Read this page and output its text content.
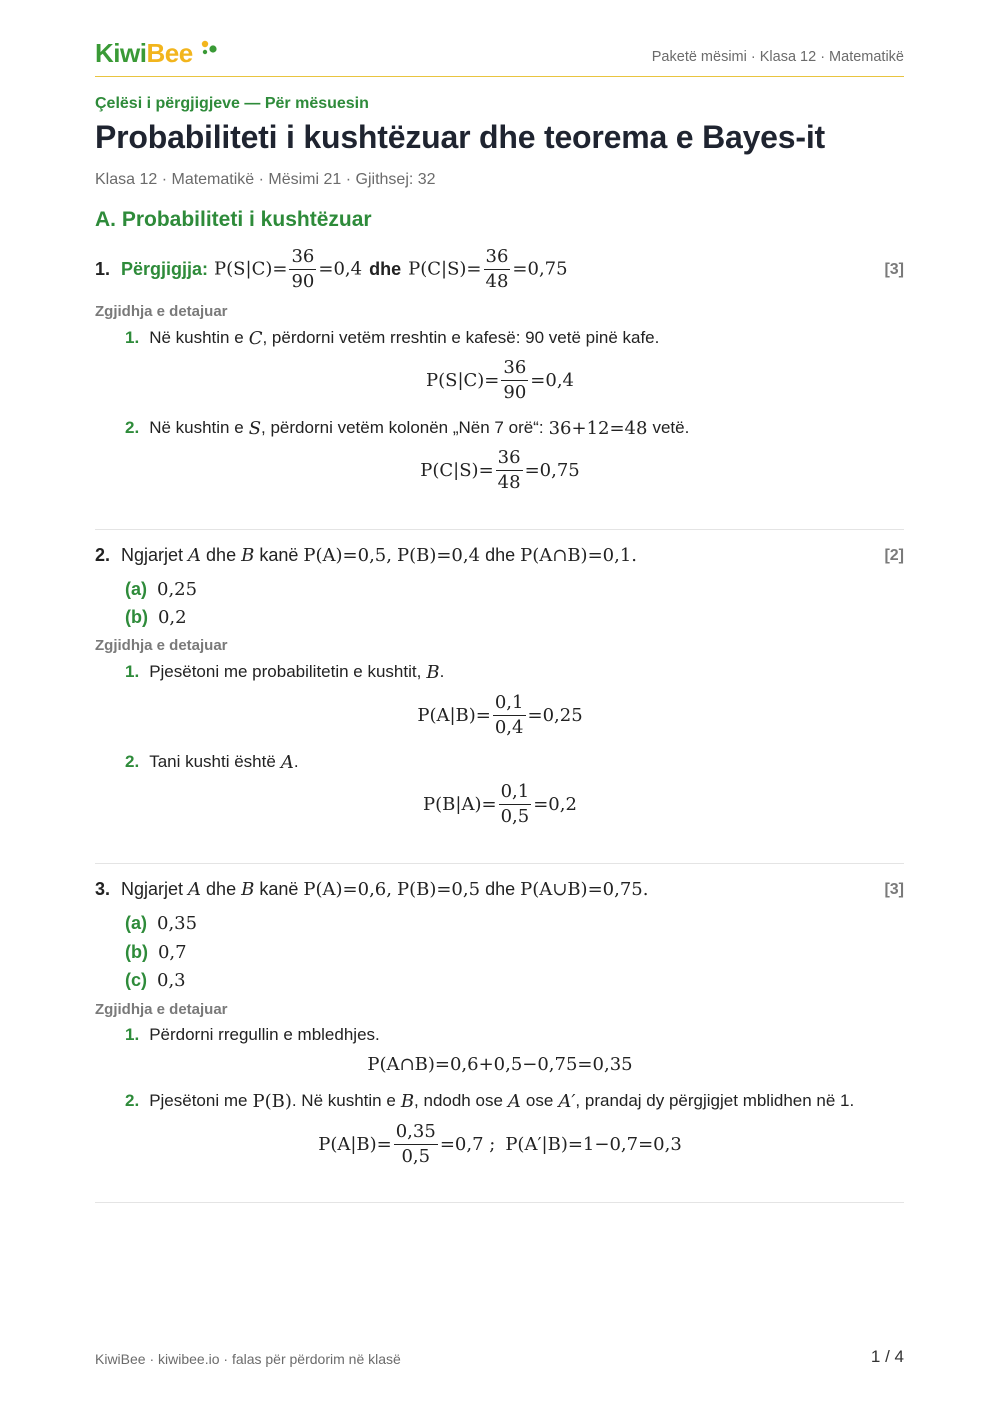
KiwiBee	Paketë mësimi · Klasa 12 · Matematikë
Çelësi i përgjigjeve — Për mësuesin
Probabiliteti i kushtëzuar dhe teorema e Bayes-it
Klasa 12 · Matematikë · Mësimi 21 · Gjithsej: 32
A. Probabiliteti i kushtëzuar
1. Përgjigjja: $P(S|C)= \frac{36}{90} =0,4$ dhe $P(C|S)= \frac{36}{48} =0,75$	[3]
Zgjidhja e detajuar
1. Në kushtin e C , përdorni vetëm rreshtin e kafesë: 90 vetë pinë kafe.
$P(S|C)= \frac{36}{90} =0,4$
2. Në kushtin e S , përdorni vetëm kolonën „Nën 7 orë“: 36+12=48 vetë.
$P(C|S)= \frac{36}{48} =0,75$
2. Ngjarjet A dhe B kanë P(A)=0,5, P(B)=0,4 dhe P(A∩B)=0,1.	[2]
(a) 0,25
(b) 0,2
Zgjidhja e detajuar
1. Pjesëtoni me probabilitetin e kushtit, B .
$P(A|B)= \frac{0,1}{0,4} =0,25$
2. Tani kushti është A .
$P(B|A)= \frac{0,1}{0,5} =0,2$
3. Ngjarjet A dhe B kanë P(A)=0,6, P(B)=0,5 dhe P(A∪B)=0,75.	[3]
(a) 0,35
(b) 0,7
(c) 0,3
Zgjidhja e detajuar
1. Përdorni rregullin e mbledhjes.
P(A∩B)=0,6+0,5−0,75=0,35
2. Pjesëtoni me P(B) . Në kushtin e B , ndodh ose A ose A′ , prandaj dy përgjigjet mblidhen në 1.
$P(A|B)= \frac{0,35}{0,5} =0,7$ ; P(A′|B)=1−0,7=0,3
KiwiBee · kiwibee.io · falas për përdorim në klasë	1 / 4
